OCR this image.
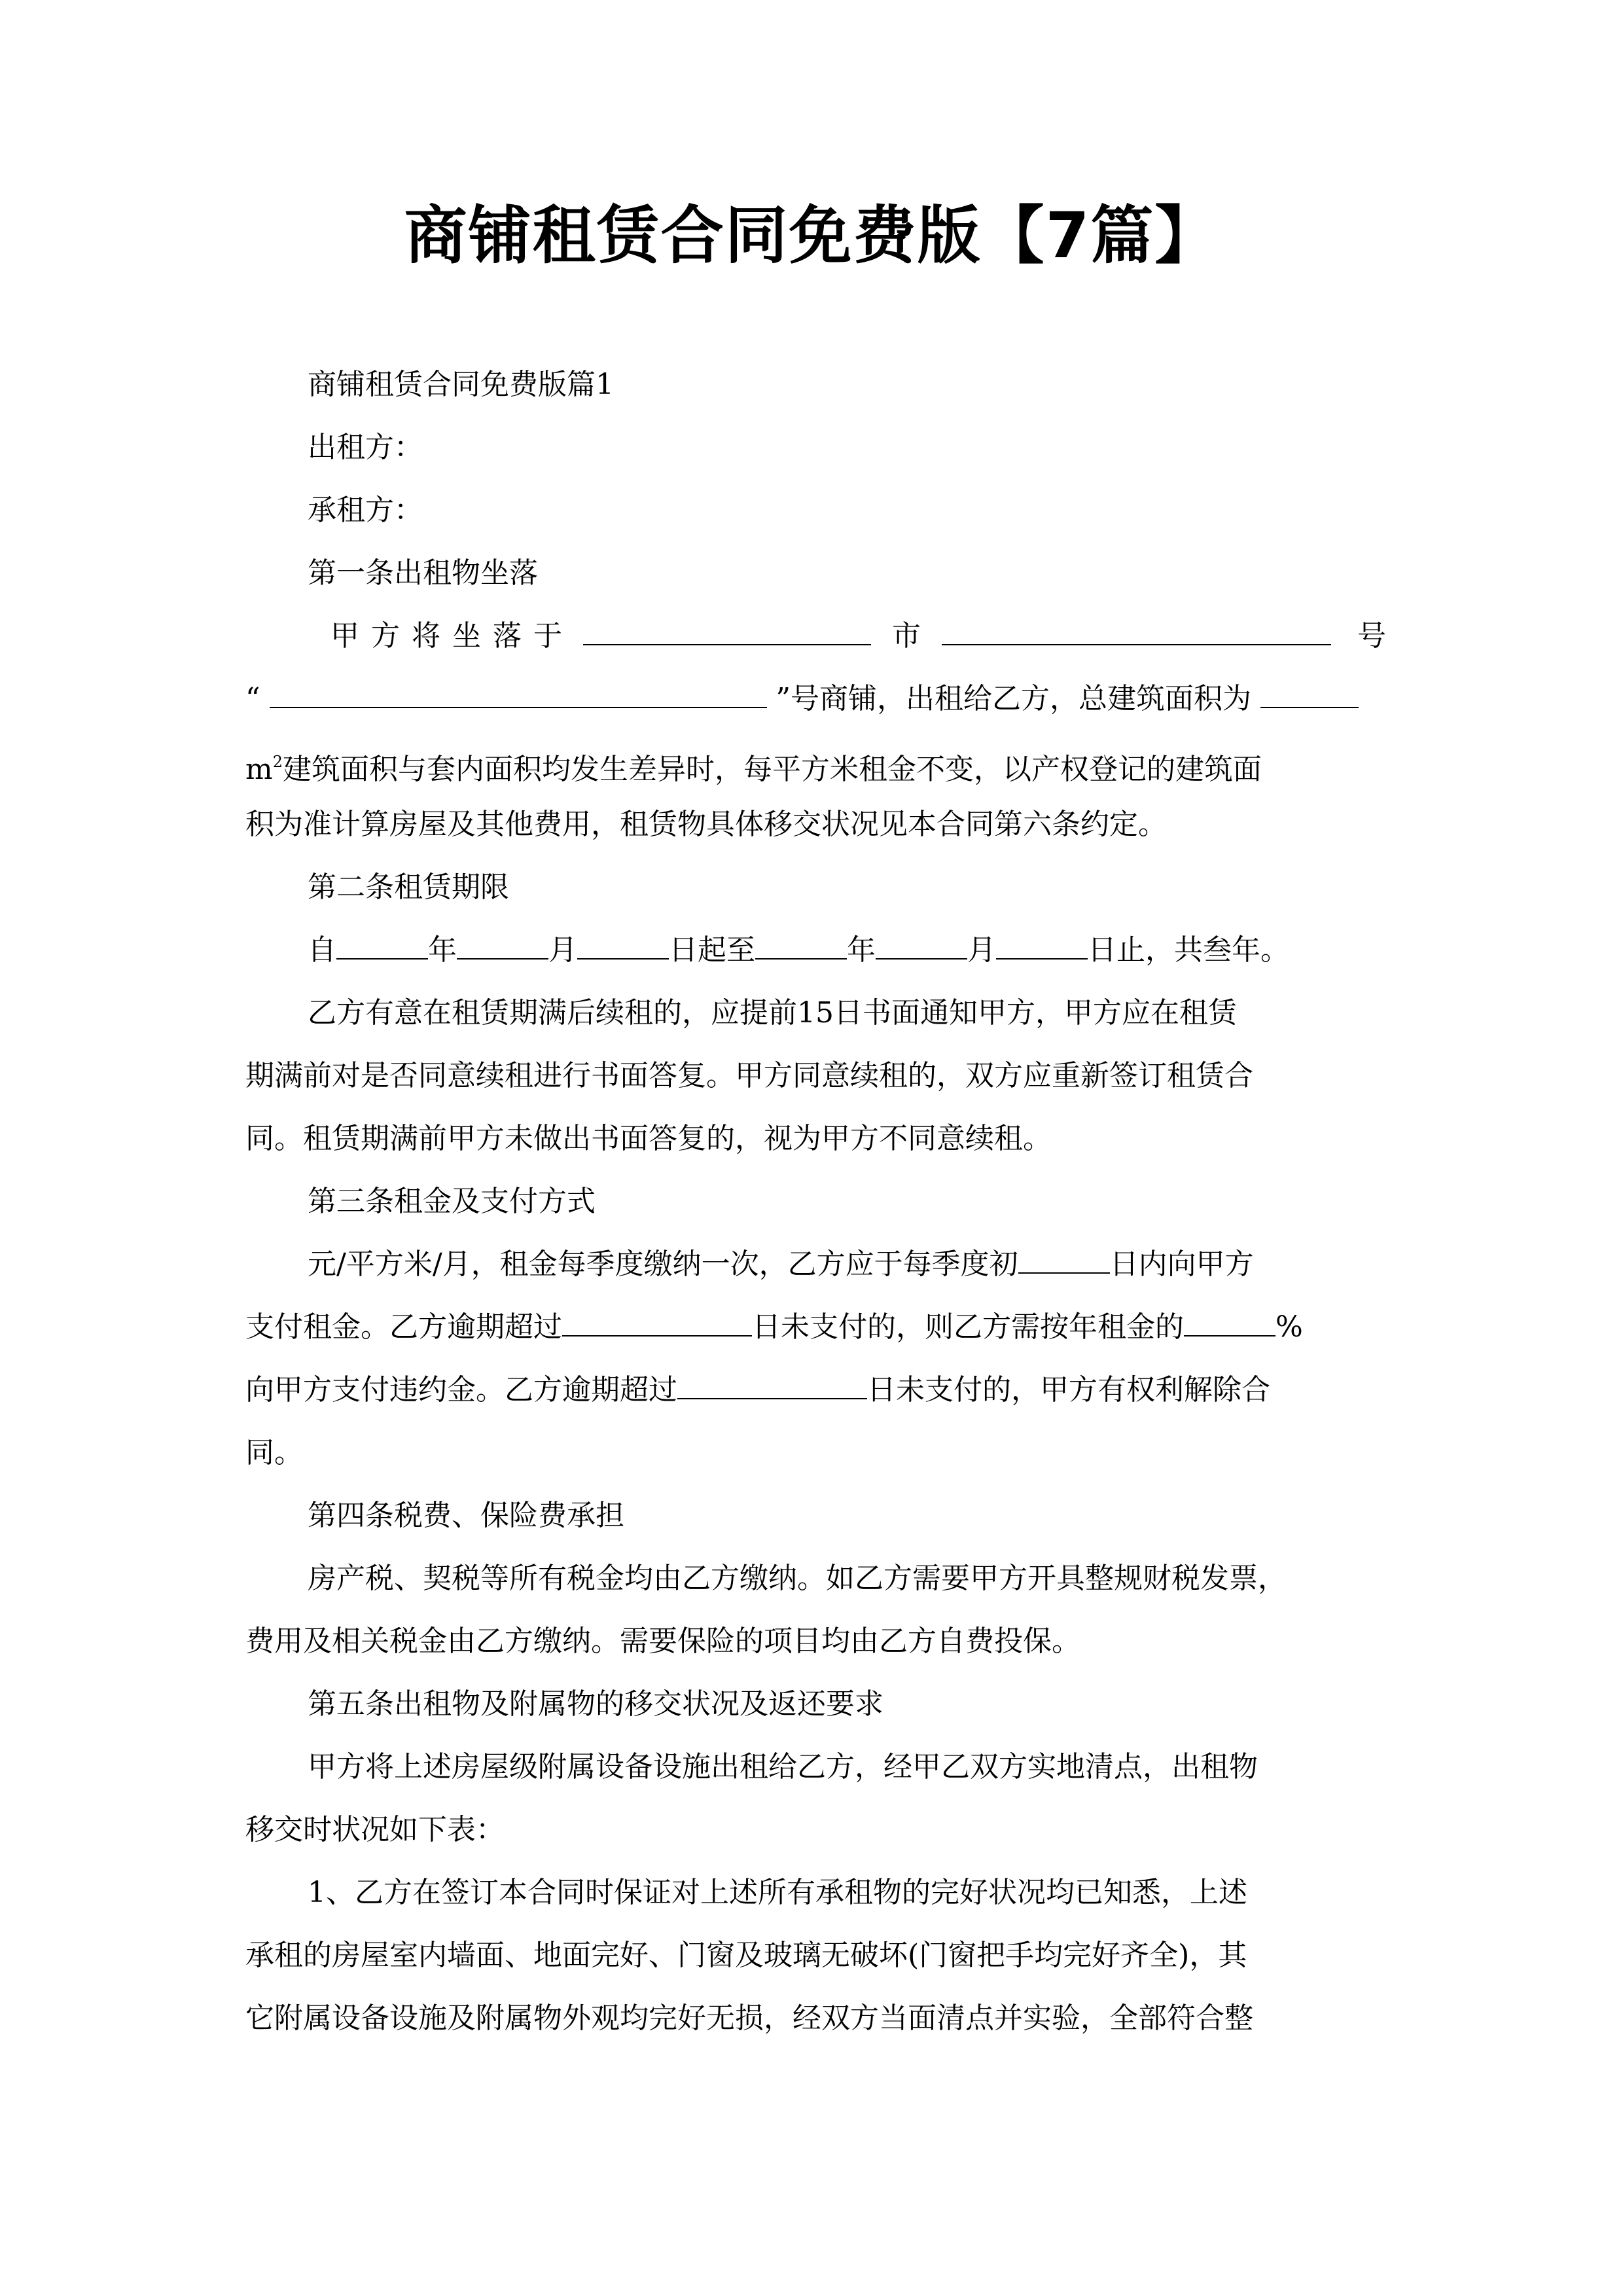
商铺租赁合同免费版【7篇】
商铺租赁合同免费版篇1
出租方：
承租方：
第一条出租物坐落
甲方将坐落于	市	号
“	”号商铺，出租给乙方，总建筑面积为
$m^2$建筑面积与套内面积均发生差异时，每平方米租金不变，以产权登记的建筑面
积为准计算房屋及其他费用，租赁物具体移交状况见本合同第六条约定。
第二条租赁期限
自	年	月	日起至	年	月	日止，共叁年。
乙方有意在租赁期满后续租的，应提前15日书面通知甲方，甲方应在租赁
期满前对是否同意续租进行书面答复。甲方同意续租的，双方应重新签订租赁合
同。租赁期满前甲方未做出书面答复的，视为甲方不同意续租。
第三条租金及支付方式
元/平方米/月，租金每季度缴纳一次，乙方应于每季度初	日内向甲方
支付租金。乙方逾期超过	日未支付的，则乙方需按年租金的	%
向甲方支付违约金。乙方逾期超过	日未支付的，甲方有权利解除合
同。
第四条税费、保险费承担
房产税、契税等所有税金均由乙方缴纳。如乙方需要甲方开具整规财税发票，
费用及相关税金由乙方缴纳。需要保险的项目均由乙方自费投保。
第五条出租物及附属物的移交状况及返还要求
甲方将上述房屋级附属设备设施出租给乙方，经甲乙双方实地清点，出租物
移交时状况如下表：
1、乙方在签订本合同时保证对上述所有承租物的完好状况均已知悉，上述
承租的房屋室内墙面、地面完好、门窗及玻璃无破坏(门窗把手均完好齐全)，其
它附属设备设施及附属物外观均完好无损，经双方当面清点并实验，全部符合整
